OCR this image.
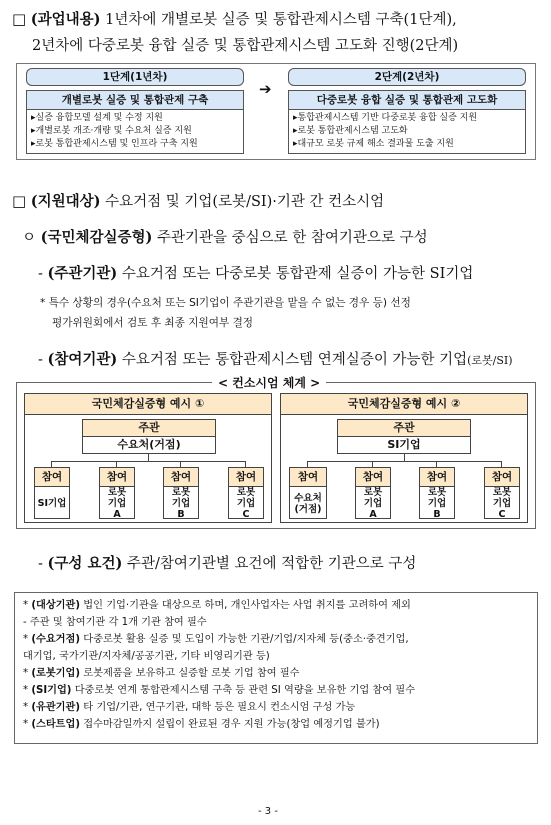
□ (과업내용) 1년차에 개별로봇 실증 및 통합관제시스템 구축(1단계),
2년차에 다중로봇 융합 실증 및 통합관제시스템 고도화 진행(2단계)
1단계(1년차)
개별로봇 실증 및 통합관제 구축
▸실증 융합모델 설계 및 수정 지원
▸개별로봇 개조·개량 및 수요처 실증 지원
▸로봇 통합관제시스템 및 인프라 구축 지원
➔
2단계(2년차)
다중로봇 융합 실증 및 통합관제 고도화
▸통합관제시스템 기반 다중로봇 융합 실증 지원
▸로봇 통합관제시스템 고도화
▸대규모 로봇 규제 해소 결과물 도출 지원
□ (지원대상) 수요거점 및 기업(로봇/SI)·기관 간 컨소시엄
ㅇ (국민체감실증형) 주관기관을 중심으로 한 참여기관으로 구성
- (주관기관) 수요거점 또는 다중로봇 통합관제 실증이 가능한 SI기업
* 특수 상황의 경우(수요처 또는 SI기업이 주관기관을 맡을 수 없는 경우 등) 선정
평가위원회에서 검토 후 최종 지원여부 결정
- (참여기관) 수요거점 또는 통합관제시스템 연계실증이 가능한 기업(로봇/SI)
< 컨소시엄 체계 >
국민체감실증형 예시 ①
주관
수요처(거점)
참여
SI기업
참여
로봇
기업
A
참여
로봇
기업
B
참여
로봇
기업
C
국민체감실증형 예시 ②
주관
SI기업
참여
수요처
(거점)
참여
로봇
기업
A
참여
로봇
기업
B
참여
로봇
기업
C
- (구성 요건) 주관/참여기관별 요건에 적합한 기관으로 구성
* (대상기관) 법인 기업·기관을 대상으로 하며, 개인사업자는 사업 취지를 고려하여 제외
- 주관 및 참여기관 각 1개 기관 참여 필수
* (수요거점) 다중로봇 활용 실증 및 도입이 가능한 기관/기업/지자체 등(중소·중견기업,
대기업, 국가기관/지자체/공공기관, 기타 비영리기관 등)
* (로봇기업) 로봇제품을 보유하고 실증할 로봇 기업 참여 필수
* (SI기업) 다중로봇 연계 통합관제시스템 구축 등 관련 SI 역량을 보유한 기업 참여 필수
* (유관기관) 타 기업/기관, 연구기관, 대학 등은 필요시 컨소시엄 구성 가능
* (스타트업) 접수마감일까지 설립이 완료된 경우 지원 가능(창업 예정기업 불가)
- 3 -
